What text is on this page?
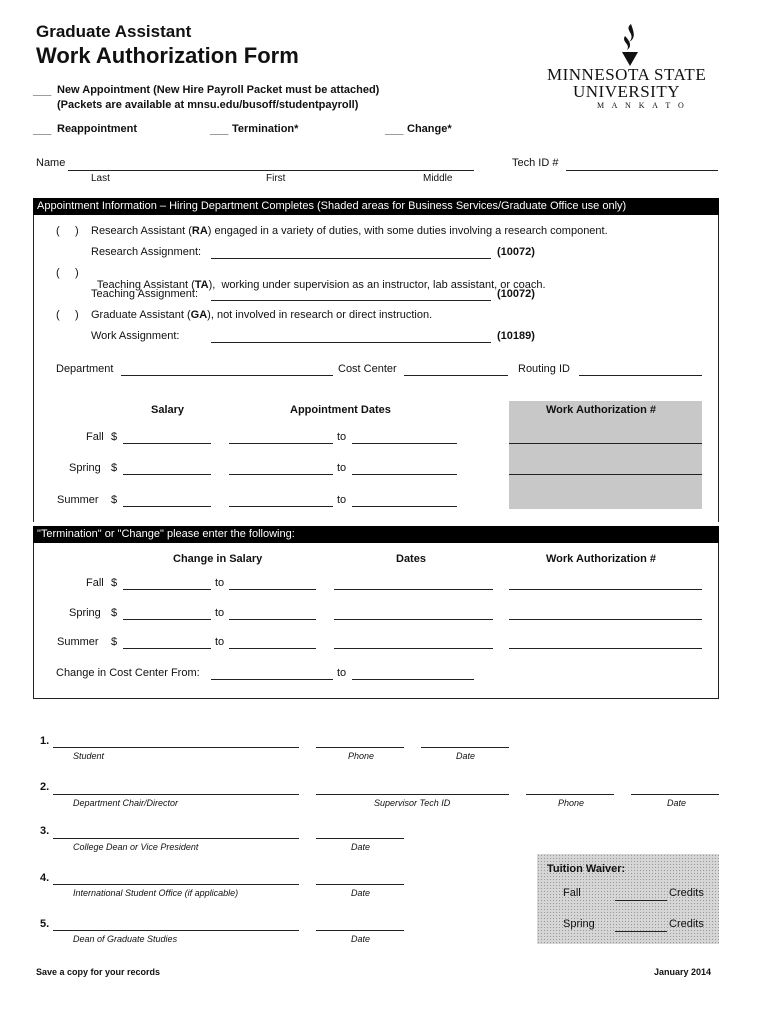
Graduate Assistant
Work Authorization Form
MINNESOTA STATE
UNIVERSITY
M A N K A T O
___ New Appointment (New Hire Payroll Packet must be attached)
(Packets are available at mnsu.edu/busoff/studentpayroll)
___ Reappointment	___ Termination*	___ Change*
Name
Last	First	Middle
Tech ID #
Appointment Information – Hiring Department Completes (Shaded areas for Business Services/Graduate Office use only)
(     ) Research Assistant (RA) engaged in a variety of duties, with some duties involving a research component.
Research Assignment:	(10072)
(     )

Teaching Assistant (TA),  working under supervision as an instructor, lab assistant, or coach.

Teaching Assignment:	(10072)
(     ) Graduate Assistant (GA), not involved in research or direct instruction.
Work Assignment:	(10189)
Department	Cost Center	Routing ID
Salary	Appointment Dates	Work Authorization #
Fall $	to
Spring $	to
Summer $	to
"Termination" or "Change" please enter the following:
Change in Salary	Dates	Work Authorization #
Fall $	to
Spring $	to
Summer $	to
Change in Cost Center From:	to
1.
Student	Phone	Date
2.
Department Chair/Director	Supervisor Tech ID	Phone	Date
3.
College Dean or Vice President	Date
4.
International Student Office (if applicable)	Date
5.
Dean of Graduate Studies	Date
Tuition Waiver:
Fall	Credits
Spring	Credits
Save a copy for your records	January 2014
